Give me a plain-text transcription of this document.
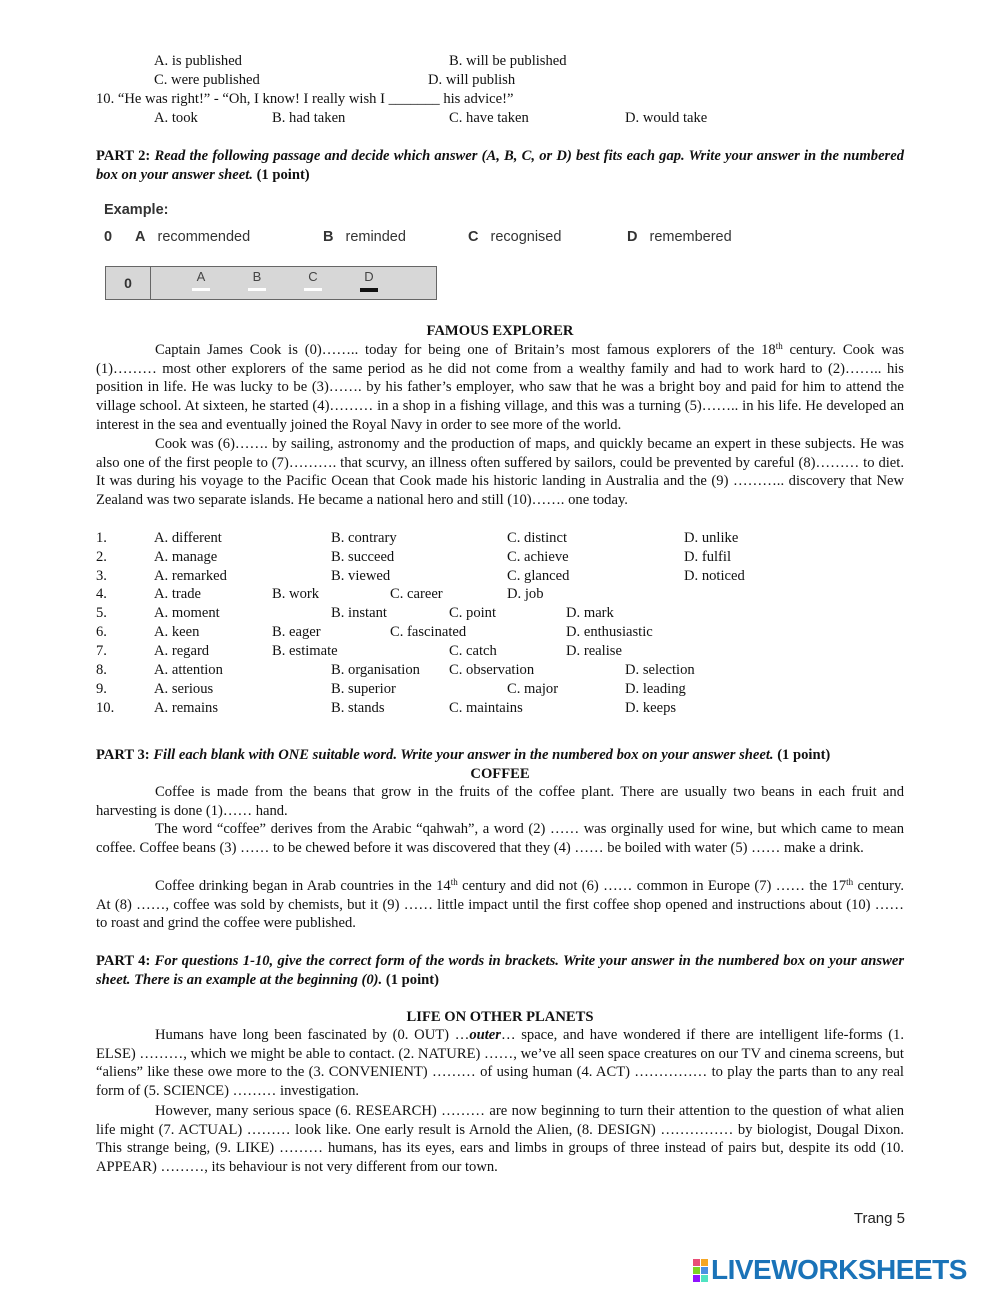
A. is published	B. will be published
C. were published	D. will publish
10. “He was right!” - “Oh, I know! I really wish I _______ his advice!”
A. took	B. had taken	C. have taken	D. would take
PART 2: Read the following passage and decide which answer (A, B, C, or D) best fits each gap. Write your answer in the numbered box on your answer sheet. (1 point)
Example:
0	A recommended	B reminded	C recognised	D remembered
0	A	B	C	D
FAMOUS EXPLORER
Captain James Cook is (0)…….. today for being one of Britain’s most famous explorers of the 18th century. Cook was (1)……… most other explorers of the same period as he did not come from a wealthy family and had to work hard to (2)…….. his position in life. He was lucky to be (3)……. by his father’s employer, who saw that he was a bright boy and paid for him to attend the village school. At sixteen, he started (4)……… in a shop in a fishing village, and this was a turning (5)…….. in his life. He developed an interest in the sea and eventually joined the Royal Navy in order to see more of the world.
Cook was (6)……. by sailing, astronomy and the production of maps, and quickly became an expert in these subjects. He was also one of the first people to (7)………. that scurvy, an illness often suffered by sailors, could be prevented by careful (8)……… to diet. It was during his voyage to the Pacific Ocean that Cook made his historic landing in Australia and the (9) ……….. discovery that New Zealand was two separate islands. He became a national hero and still (10)……. one today.
1.	A. different	B. contrary	C. distinct	D. unlike
2.	A. manage	B. succeed	C. achieve	D. fulfil
3.	A. remarked	B. viewed	C. glanced	D. noticed
4.	A. trade	B. work	C. career	D. job
5.	A. moment	B. instant	C. point	D. mark
6.	A. keen	B. eager	C. fascinated	D. enthusiastic
7.	A. regard	B. estimate	C. catch	D. realise
8.	A. attention	B. organisation C. observation	D. selection
9.	A. serious	B. superior	C. major	D. leading
10.	A. remains	B. stands	C. maintains	D. keeps
PART 3: Fill each blank with ONE suitable word. Write your answer in the numbered box on your answer sheet. (1 point)
COFFEE
Coffee is made from the beans that grow in the fruits of the coffee plant. There are usually two beans in each fruit and harvesting is done (1)…… hand.
The word “coffee” derives from the Arabic “qahwah”, a word (2) …… was orginally used for wine, but which came to mean coffee. Coffee beans (3) …… to be chewed before it was discovered that they (4) …… be boiled with water (5) …… make a drink.
Coffee drinking began in Arab countries in the 14th century and did not (6) …… common in Europe (7) …… the 17th century. At (8) ……, coffee was sold by chemists, but it (9) …… little impact until the first coffee shop opened and instructions about (10) …… to roast and grind the coffee were published.
PART 4: For questions 1-10, give the correct form of the words in brackets. Write your answer in the numbered box on your answer sheet. There is an example at the beginning (0). (1 point)
LIFE ON OTHER PLANETS
Humans have long been fascinated by (0. OUT) …outer… space, and have wondered if there are intelligent life-forms (1. ELSE) ………, which we might be able to contact. (2. NATURE) ……, we’ve all seen space creatures on our TV and cinema screens, but “aliens” like these owe more to the (3. CONVENIENT) ……… of using human (4. ACT) …………… to play the parts than to any real form of (5. SCIENCE) ……… investigation.
However, many serious space (6. RESEARCH) ……… are now beginning to turn their attention to the question of what alien life might (7. ACTUAL) ……… look like. One early result is Arnold the Alien, (8. DESIGN) …………… by biologist, Dougal Dixon. This strange being, (9. LIKE) ……… humans, has its eyes, ears and limbs in groups of three instead of pairs but, despite its odd (10. APPEAR) ………, its behaviour is not very different from our town.
Trang 5
LIVEWORKSHEETS
